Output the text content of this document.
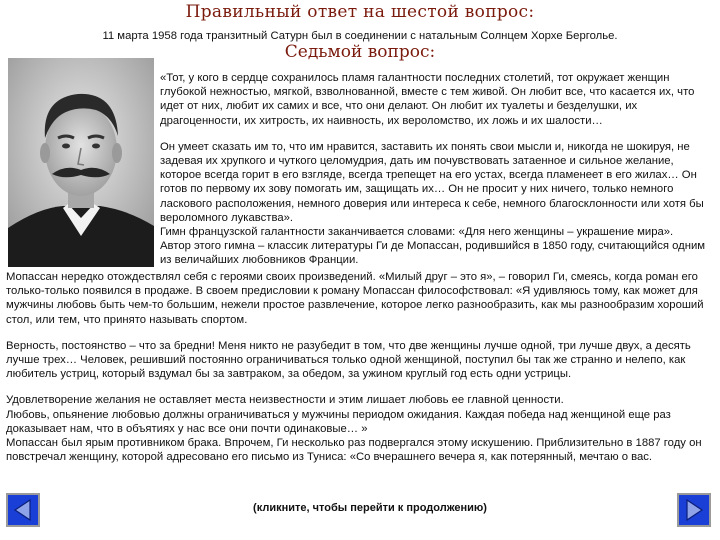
Правильный ответ на шестой вопрос:
11 марта 1958 года транзитный Сатурн был в соединении с натальным Солнцем Хорхе Берголье.
Седьмой вопрос:

«Тот, у кого в сердце сохранилось пламя галантности последних столетий, тот окружает женщин глубокой нежностью, мягкой, взволнованной, вместе с тем живой. Он любит все, что касается их, что идет от них, любит их самих и все, что они делают. Он любит их туалеты и безделушки, их драгоценности, их хитрость, их наивность, их вероломство, их ложь и их шалости…

Он умеет сказать им то, что им нравится, заставить их понять свои мысли и, никогда не шокируя, не задевая их хрупкого и чуткого целомудрия, дать им почувствовать затаенное и сильное желание, которое всегда горит в его взгляде, всегда трепещет на его устах, всегда пламенеет в его жилах… Он готов по первому их зову помогать им, защищать их… Он не просит у них ничего, только немного ласкового расположения, немного доверия или интереса к себе, немного благосклонности или хотя бы вероломного лукавства».

Гимн французской галантности заканчивается словами: «Для него женщины – украшение мира».
Автор этого гимна – классик литературы Ги де Мопассан, родившийся в 1850 году, считающийся одним из величайших любовников Франции.

Мопассан нередко отождествлял себя с героями своих произведений. «Милый друг – это я», – говорил Ги, смеясь, когда роман его только-только появился в продаже. В своем предисловии к роману Мопассан философствовал: «Я удивляюсь тому, как может для мужчины любовь быть чем-то большим, нежели простое развлечение, которое легко разнообразить, как мы разнообразим хороший стол, или тем, что принято называть спортом.

Верность, постоянство – что за бредни! Меня никто не разубедит в том, что две женщины лучше одной, три лучше двух, а десять лучше трех… Человек, решивший постоянно ограничиваться только одной женщиной, поступил бы так же странно и нелепо, как любитель устриц, который вздумал бы за завтраком, за обедом, за ужином круглый год есть одни устрицы.

Удовлетворение желания не оставляет места неизвестности и этим лишает любовь ее главной ценности.

Любовь, опьянение любовью должны ограничиваться у мужчины периодом ожидания. Каждая победа над женщиной еще раз доказывает нам, что в объятиях у нас все они почти одинаковые… »

Мопассан был ярым противником брака. Впрочем, Ги несколько раз подвергался этому искушению. Приблизительно в 1887 году он повстречал женщину, которой адресовано его письмо из Туниса: «Со вчерашнего вечера я, как потерянный, мечтаю о вас.

(кликните, чтобы перейти к продолжению)
